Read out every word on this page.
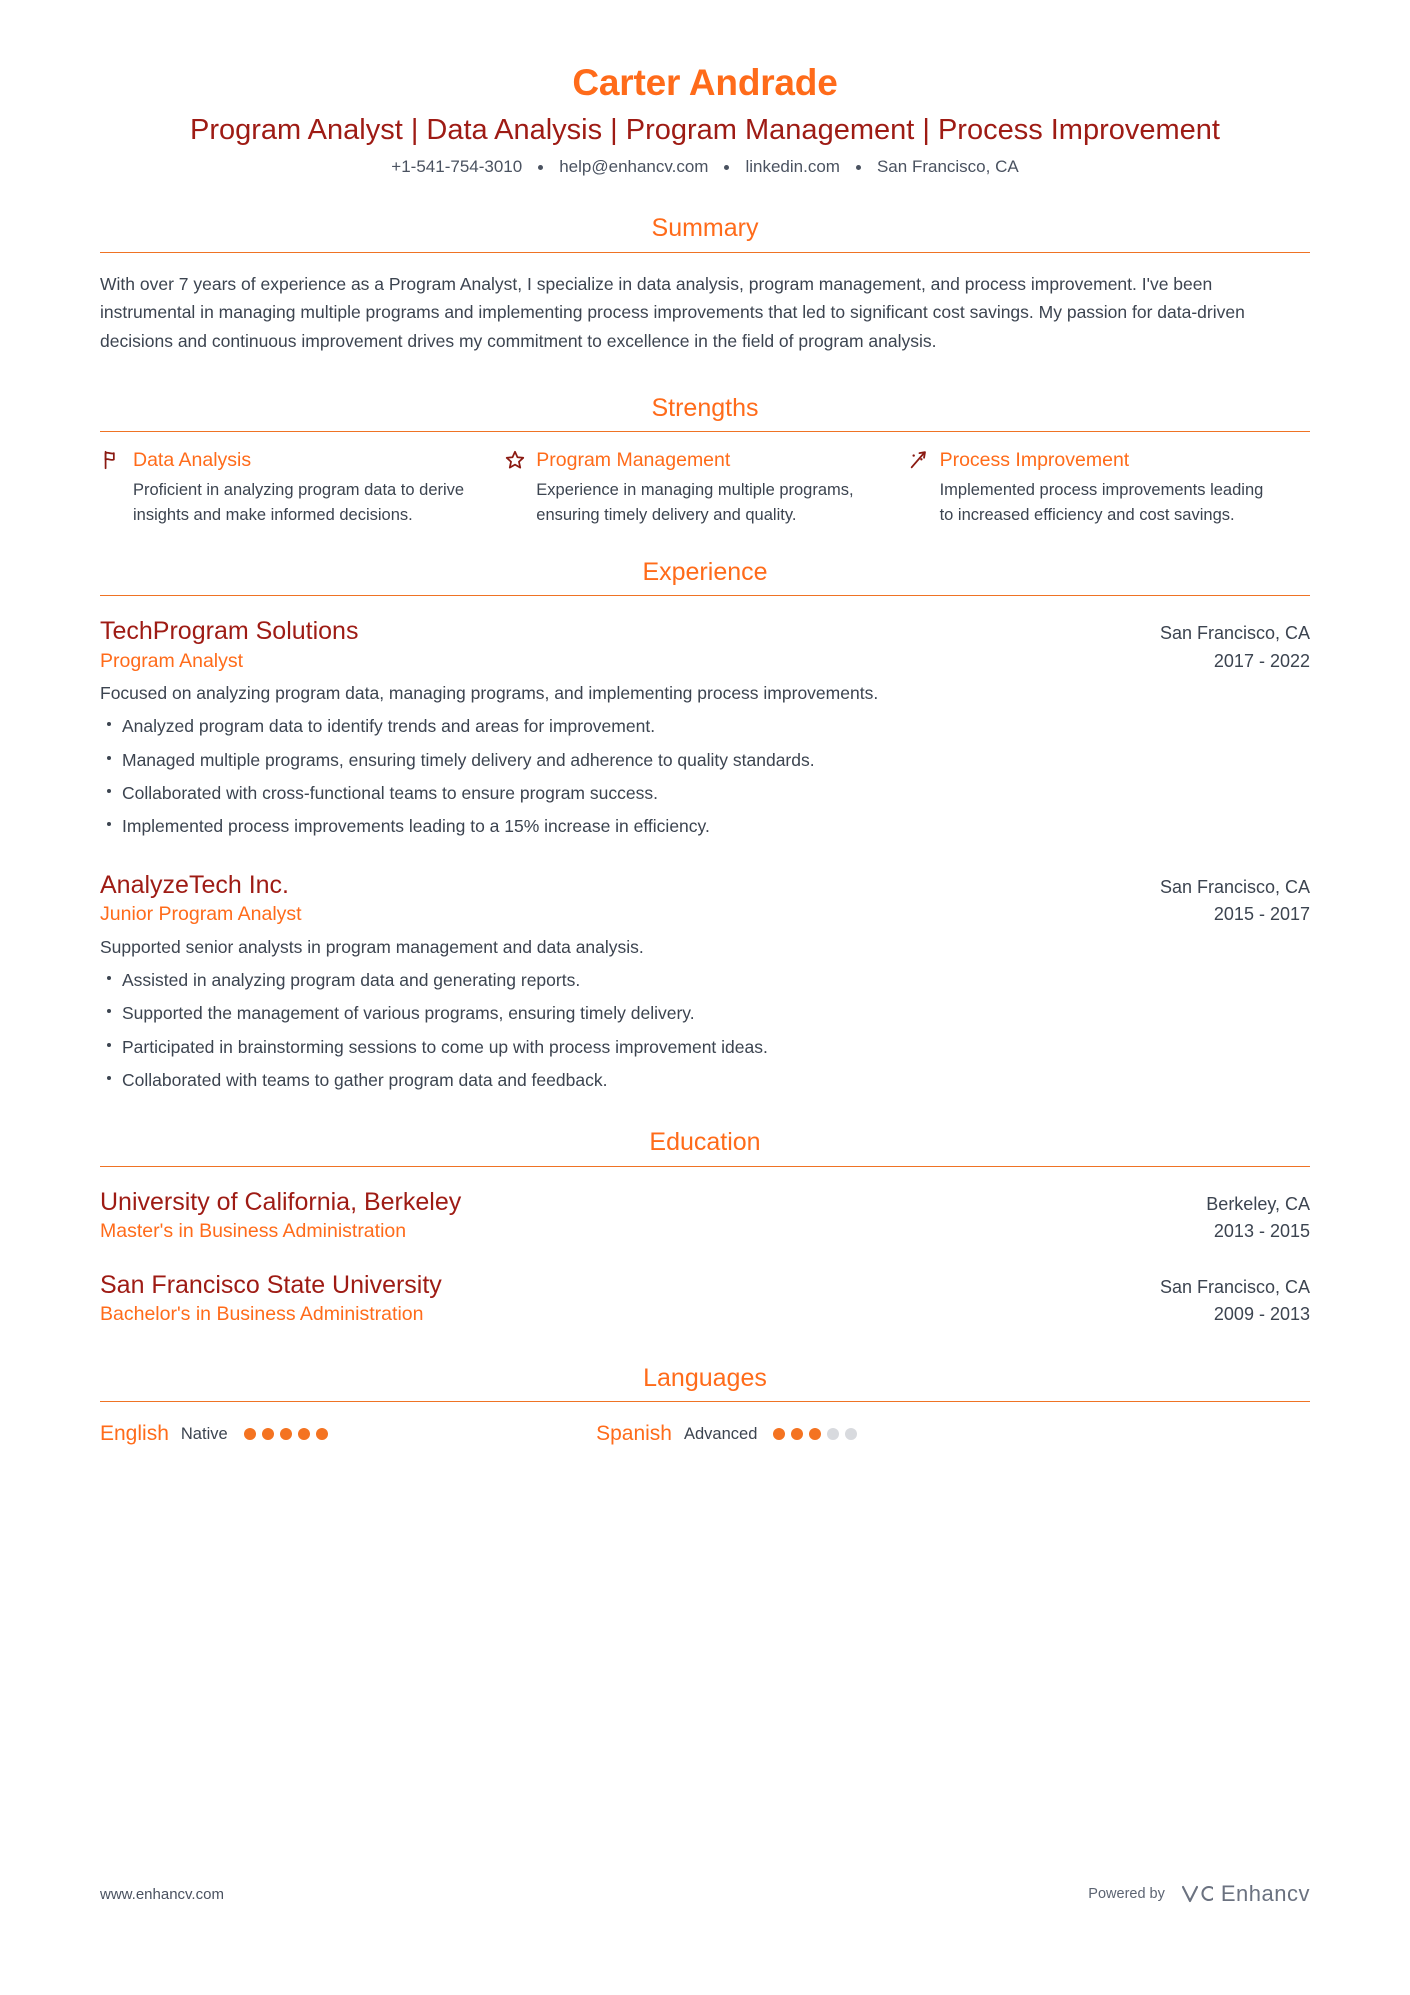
Carter Andrade
Program Analyst | Data Analysis | Program Management | Process Improvement
+1-541-754-3010 help@enhancv.com linkedin.com San Francisco, CA
Summary
With over 7 years of experience as a Program Analyst, I specialize in data analysis, program management, and process improvement. I've been instrumental in managing multiple programs and implementing process improvements that led to significant cost savings. My passion for data-driven decisions and continuous improvement drives my commitment to excellence in the field of program analysis.
Strengths
Data Analysis
Proficient in analyzing program data to derive insights and make informed decisions.
Program Management
Experience in managing multiple programs, ensuring timely delivery and quality.
Process Improvement
Implemented process improvements leading to increased efficiency and cost savings.
Experience
TechProgram Solutions	San Francisco, CA
Program Analyst	2017 - 2022
Focused on analyzing program data, managing programs, and implementing process improvements.
Analyzed program data to identify trends and areas for improvement.
Managed multiple programs, ensuring timely delivery and adherence to quality standards.
Collaborated with cross-functional teams to ensure program success.
Implemented process improvements leading to a 15% increase in efficiency.
AnalyzeTech Inc.	San Francisco, CA
Junior Program Analyst	2015 - 2017
Supported senior analysts in program management and data analysis.
Assisted in analyzing program data and generating reports.
Supported the management of various programs, ensuring timely delivery.
Participated in brainstorming sessions to come up with process improvement ideas.
Collaborated with teams to gather program data and feedback.
Education
University of California, Berkeley	Berkeley, CA
Master's in Business Administration	2013 - 2015
San Francisco State University	San Francisco, CA
Bachelor's in Business Administration	2009 - 2013
Languages
English Native	Spanish Advanced
www.enhancv.com	Powered by	Enhancv
